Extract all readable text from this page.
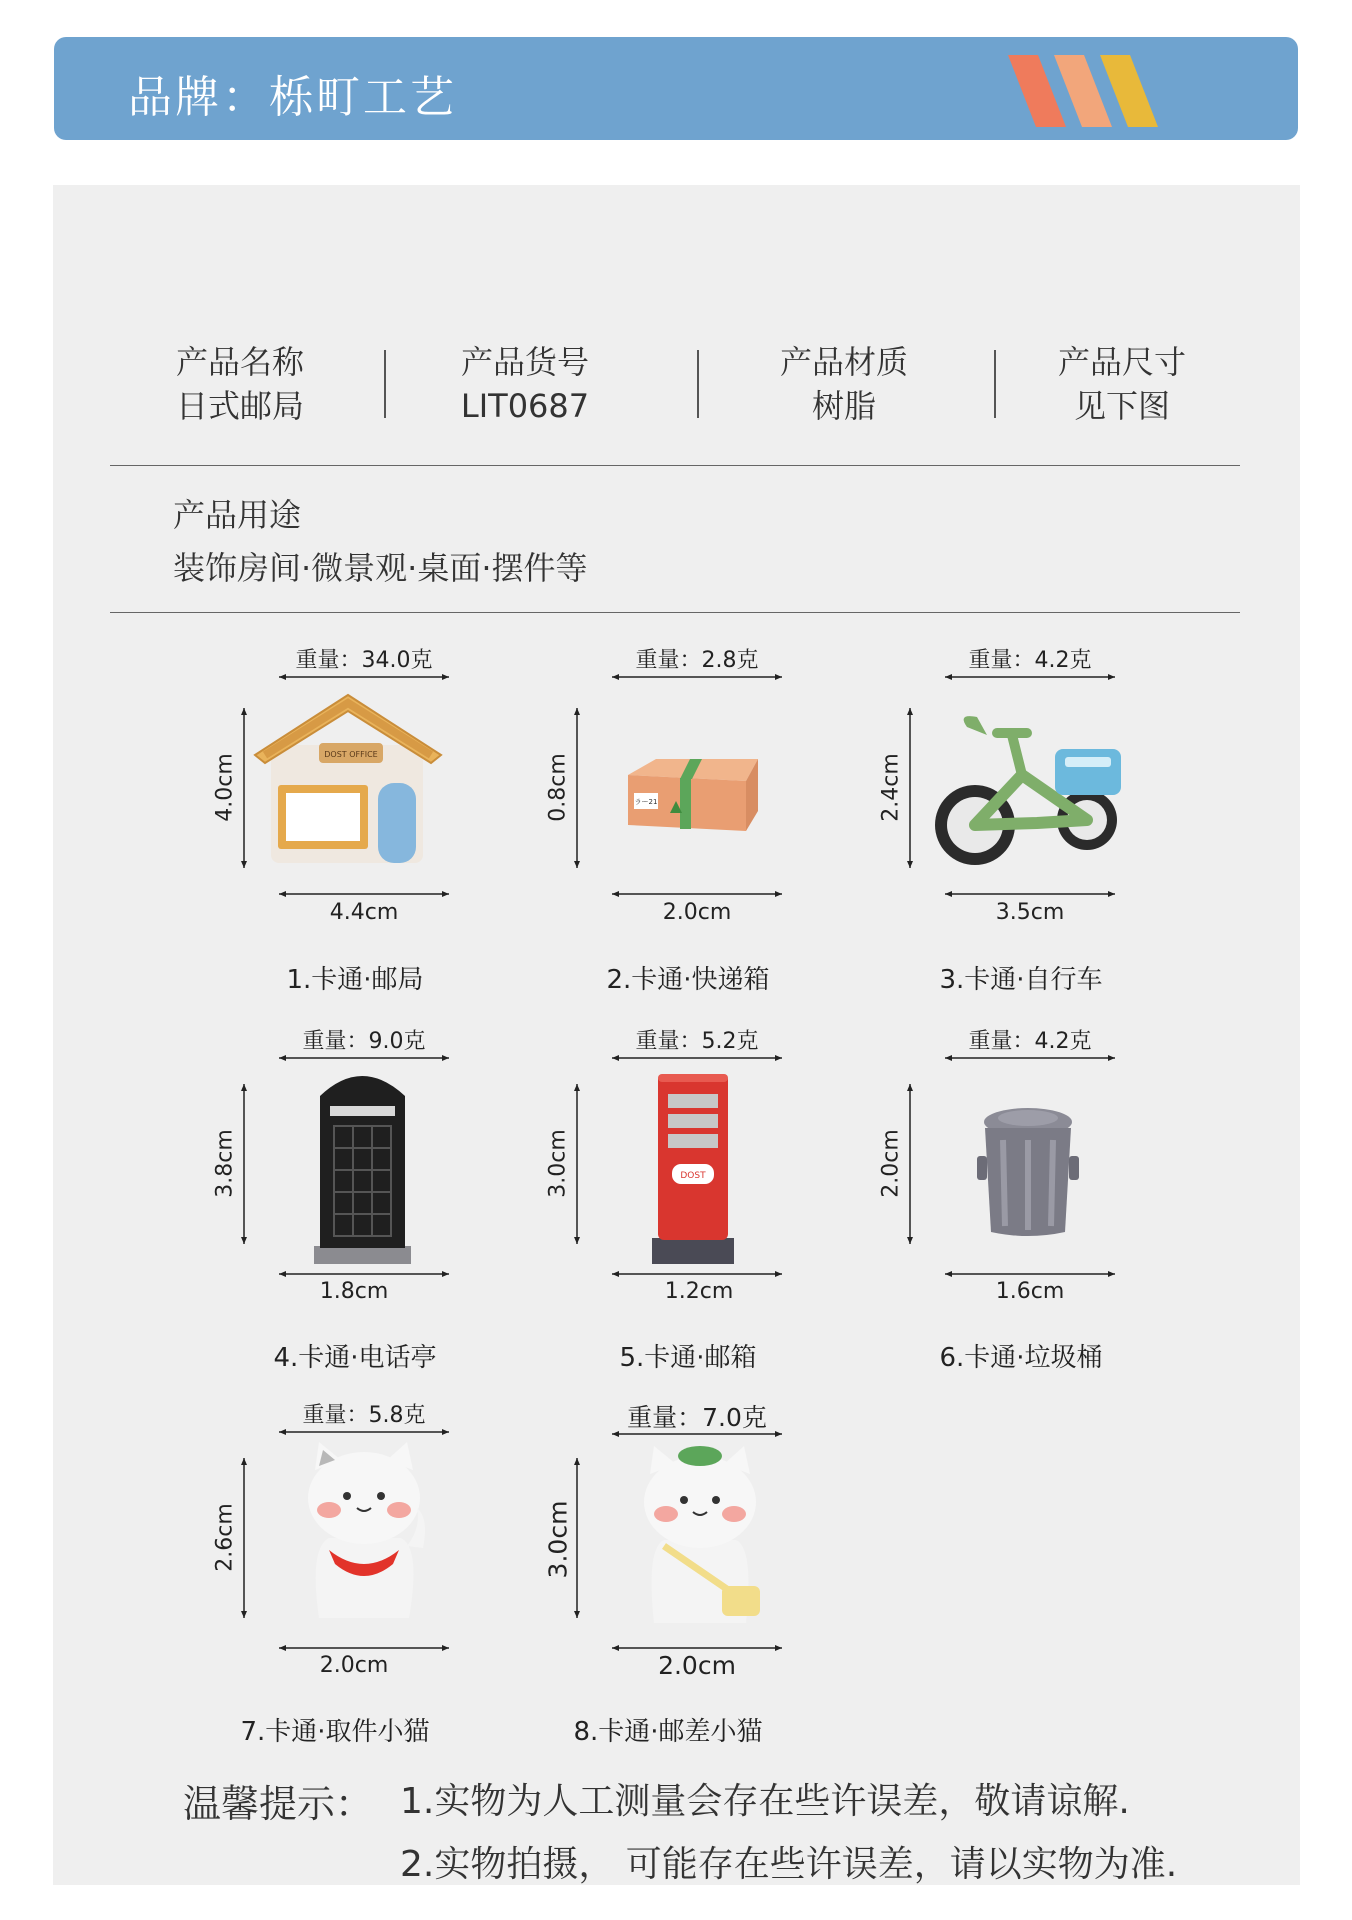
品牌：栎町工艺
产品名称
日式邮局
产品货号
LIT0687
产品材质
树脂
产品尺寸
见下图
产品用途
装饰房间·微景观·桌面·摆件等
重量：34.0克
4.0cm	DOST OFFICE
4.4cm
1.卡通·邮局
重量：2.8克
0.8cm	ラー21
2.0cm
2.卡通·快递箱
重量：4.2克
2.4cm
3.5cm
3.卡通·自行车
重量：9.0克
3.8cm
1.8cm
4.卡通·电话亭
重量：5.2克
3.0cm	DOST
1.2cm
5.卡通·邮箱
重量：4.2克
2.0cm
1.6cm
6.卡通·垃圾桶
重量：5.8克
2.6cm
2.0cm
7.卡通·取件小猫
重量：7.0克
3.0cm
2.0cm
8.卡通·邮差小猫
温馨提示： 1.实物为人工测量会存在些许误差，敬请谅解.
2.实物拍摄， 可能存在些许误差，请以实物为准.
